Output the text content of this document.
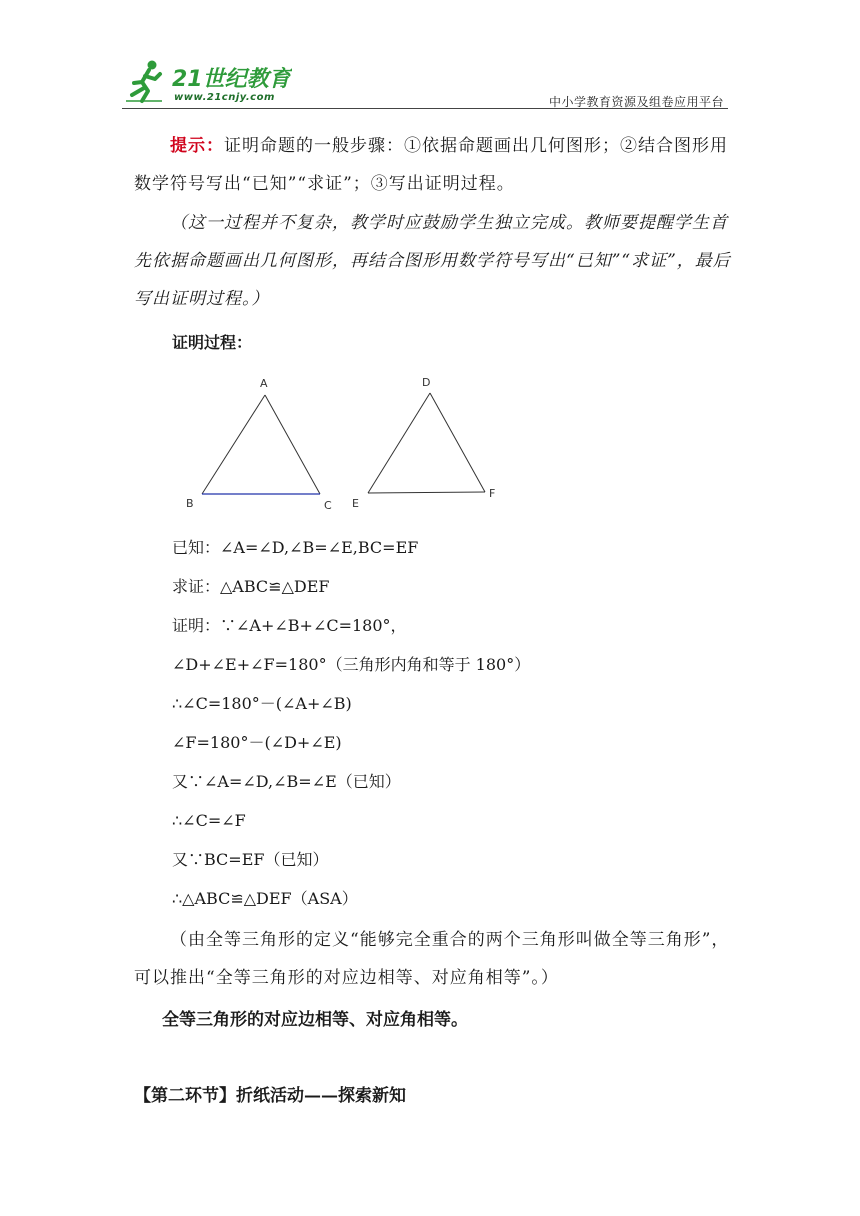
21世纪教育
www.21cnjy.com	中小学教育资源及组卷应用平台
提示：证明命题的一般步骤：①依据命题画出几何图形；②结合图形用数学符号写出“已知”“求证”；③写出证明过程。
（这一过程并不复杂，教学时应鼓励学生独立完成。教师要提醒学生首先依据命题画出几何图形，再结合图形用数学符号写出“已知”“求证”，最后写出证明过程。）
证明过程：
A
B	C
D
E
F
已知：∠A=∠D,∠B=∠E,BC=EF
求证：△ABC≌△DEF
证明：∵∠A+∠B+∠C=180°，
∠D+∠E+∠F=180°（三角形内角和等于 180°）
∴∠C=180°－(∠A+∠B)
∠F=180°－(∠D+∠E)
又∵∠A=∠D,∠B=∠E（已知）
∴∠C=∠F
又∵BC=EF（已知）
∴△ABC≌△DEF（ASA）
（由全等三角形的定义“能够完全重合的两个三角形叫做全等三角形”，可以推出“全等三角形的对应边相等、对应角相等”。）
全等三角形的对应边相等、对应角相等。
【第二环节】折纸活动——探索新知
